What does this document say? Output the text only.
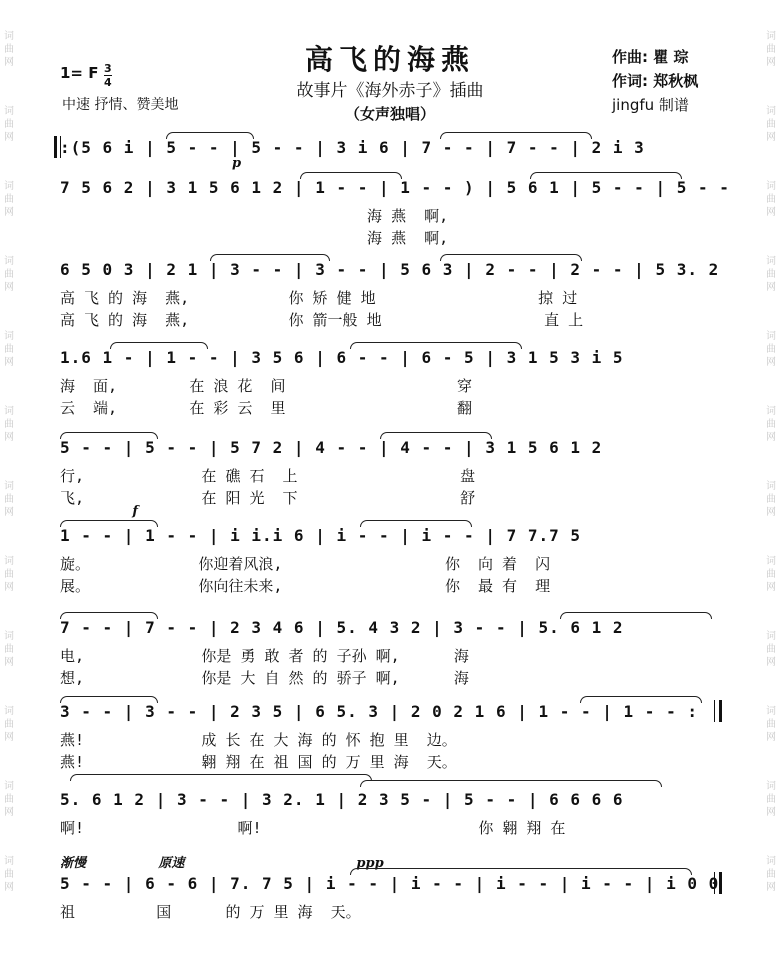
词
曲
网
词
曲
网
词
曲
网
词
曲
网
词
曲
网
词
曲
网
词
曲
网
词
曲
网
词
曲
网
词
曲
网
词
曲
网
词
曲
网
词
曲
网
词
曲
网
词
曲
网
词
曲
网
词
曲
网
词
曲
网
词
曲
网
词
曲
网
词
曲
网
词
曲
网
词
曲
网
词
曲
网
高飞的海燕
故事片《海外赤子》插曲
（女声独唱）
1= F 3
4
中速 抒情、赞美地
作曲: 瞿 琮
作词: 郑秋枫
jingfu 制谱
:(5 6 i | 5 - - | 5 - - | 3 i 6 | 7 - - | 7 - - | 2 i 3
p
7 5 6 2 | 3 1 5 6 1 2 | 1 - - | 1 - - ) | 5 6 1 | 5 - - | 5 - -
海 燕  啊,
海 燕  啊,
6 5 0 3 | 2 1 | 3 - - | 3 - - | 5 6 3 | 2 - - | 2 - - | 5 3. 2
高 飞 的 海  燕,           你 矫 健 地                  掠 过
高 飞 的 海  燕,           你 箭一般 地                  直 上
1.6 1 - | 1 - - | 3 5 6 | 6 - - | 6 - 5 | 3 1 5 3 i 5
海  面,        在 浪 花  间                   穿
云  端,        在 彩 云  里                   翻
5 - - | 5 - - | 5 7 2 | 4 - - | 4 - - | 3 1 5 6 1 2
行,             在 礁 石  上                  盘
飞,             在 阳 光  下                  舒
f
1 - - | 1 - - | i i.i 6 | i - - | i - - | 7 7.7 5
旋。            你迎着风浪,                  你  向 着  闪
展。            你向往未来,                  你  最 有  理
7 - - | 7 - - | 2 3 4 6 | 5. 4 3 2 | 3 - - | 5. 6 1 2
电,             你是 勇 敢 者 的 子孙 啊,      海
想,             你是 大 自 然 的 骄子 啊,      海
3 - - | 3 - - | 2 3 5 | 6 5. 3 | 2 0 2 1 6 | 1 - - | 1 - - :
燕!             成 长 在 大 海 的 怀 抱 里  边。
燕!             翱 翔 在 祖 国 的 万 里 海  天。
5. 6 1 2 | 3 - - | 3 2. 1 | 2 3 5 - | 5 - - | 6 6 6 6
啊!                 啊!                        你 翱 翔 在
渐慢                原速                                      ppp
5 - - | 6 - 6 | 7. 7 5 | i - - | i - - | i - - | i - - | i 0 0
祖         国      的 万 里 海  天。
